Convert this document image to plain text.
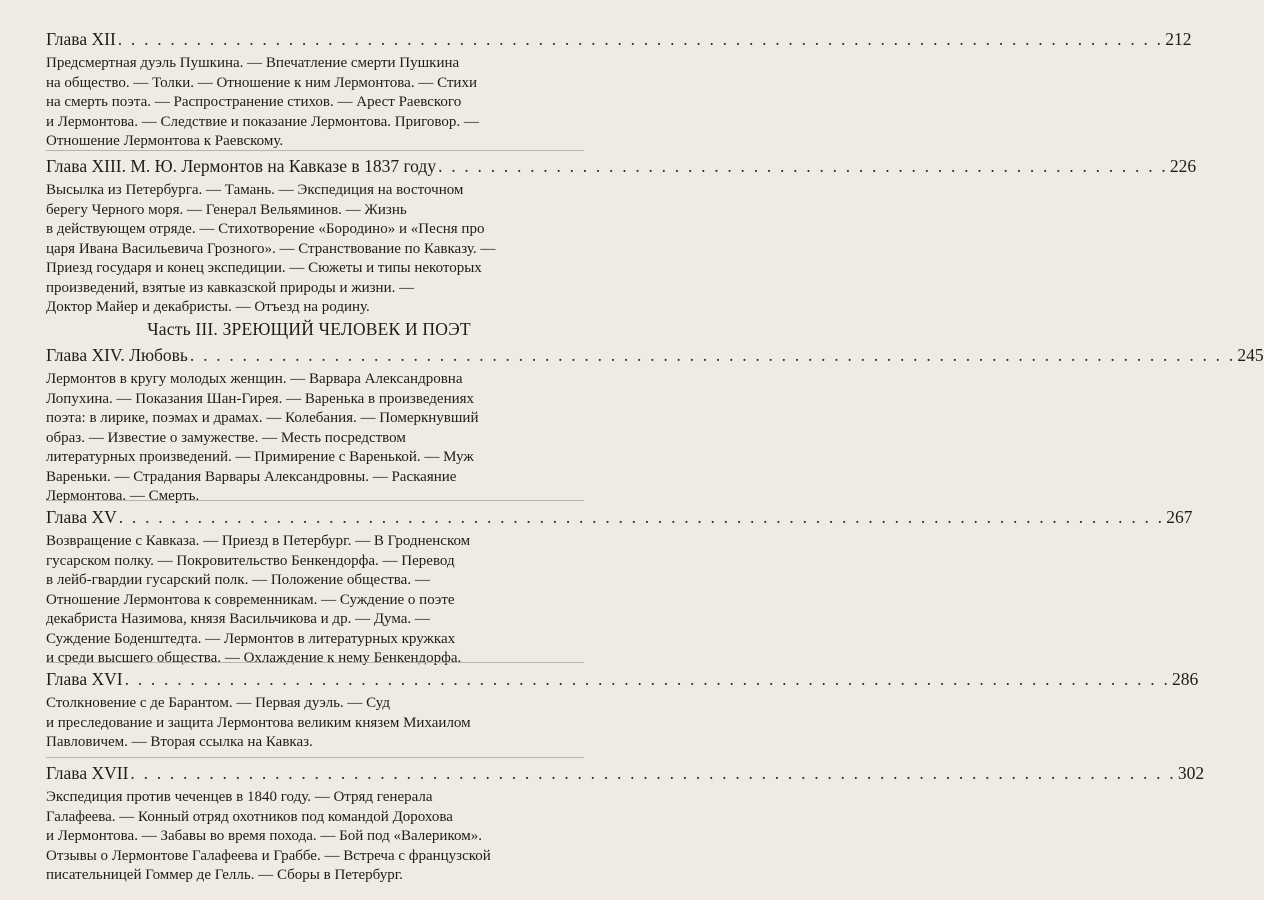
Глава XII . . . . . . . . . . . . . . . . . . . . . . . . . . . . . . . . . . . . . . . . . . . . . . . . . . . . . . . . . . . . . . . . . . . . . . . . . . . . . . . . 212
Предсмертная дуэль Пушкина. — Впечатление смерти Пушкина
на общество. — Толки. — Отношение к ним Лермонтова. — Стихи
на смерть поэта. — Распространение стихов. — Арест Раевского
и Лермонтова. — Следствие и показание Лермонтова. Приговор. —
Отношение Лермонтова к Раевскому.
Глава XIII. М. Ю. Лермонтов на Кавказе в 1837 году . . . . . . . . . . . . . . . . . . . . . . . . . . . . . . . . . . . . . . . . . . . . . . . . . . . . . . . . 226
Высылка из Петербурга. — Тамань. — Экспедиция на восточном
берегу Черного моря. — Генерал Вельяминов. — Жизнь
в действующем отряде. — Стихотворение «Бородино» и «Песня про
царя Ивана Васильевича Грозного». — Странствование по Кавказу. —
Приезд государя и конец экспедиции. — Сюжеты и типы некоторых
произведений, взятые из кавказской природы и жизни. —
Доктор Майер и декабристы. — Отъезд на родину.
Часть III. ЗРЕЮЩИЙ ЧЕЛОВЕК И ПОЭТ
Глава XIV. Любовь . . . . . . . . . . . . . . . . . . . . . . . . . . . . . . . . . . . . . . . . . . . . . . . . . . . . . . . . . . . . . . . . . . . . . . . . . . . . . . . . 245
Лермонтов в кругу молодых женщин. — Варвара Александровна
Лопухина. — Показания Шан-Гирея. — Варенька в произведениях
поэта: в лирике, поэмах и драмах. — Колебания. — Померкнувший
образ. — Известие о замужестве. — Месть посредством
литературных произведений. — Примирение с Варенькой. — Муж
Вареньки. — Страдания Варвары Александровны. — Раскаяние
Лермонтова. — Смерть.
Глава XV . . . . . . . . . . . . . . . . . . . . . . . . . . . . . . . . . . . . . . . . . . . . . . . . . . . . . . . . . . . . . . . . . . . . . . . . . . . . . . . . 267
Возвращение с Кавказа. — Приезд в Петербург. — В Гродненском
гусарском полку. — Покровительство Бенкендорфа. — Перевод
в лейб-гвардии гусарский полк. — Положение общества. —
Отношение Лермонтова к современникам. — Суждение о поэте
декабриста Назимова, князя Васильчикова и др. — Дума. —
Суждение Боденштедта. — Лермонтов в литературных кружках
и среди высшего общества. — Охлаждение к нему Бенкендорфа.
Глава XVI . . . . . . . . . . . . . . . . . . . . . . . . . . . . . . . . . . . . . . . . . . . . . . . . . . . . . . . . . . . . . . . . . . . . . . . . . . . . . . . . 286
Столкновение с де Барантом. — Первая дуэль. — Суд
и преследование и защита Лермонтова великим князем Михаилом
Павловичем. — Вторая ссылка на Кавказ.
Глава XVII . . . . . . . . . . . . . . . . . . . . . . . . . . . . . . . . . . . . . . . . . . . . . . . . . . . . . . . . . . . . . . . . . . . . . . . . . . . . . . . . 302
Экспедиция против чеченцев в 1840 году. — Отряд генерала
Галафеева. — Конный отряд охотников под командой Дорохова
и Лермонтова. — Забавы во время похода. — Бой под «Валериком».
Отзывы о Лермонтове Галафеева и Граббе. — Встреча с французской
писательницей Гоммер де Гелль. — Сборы в Петербург.
